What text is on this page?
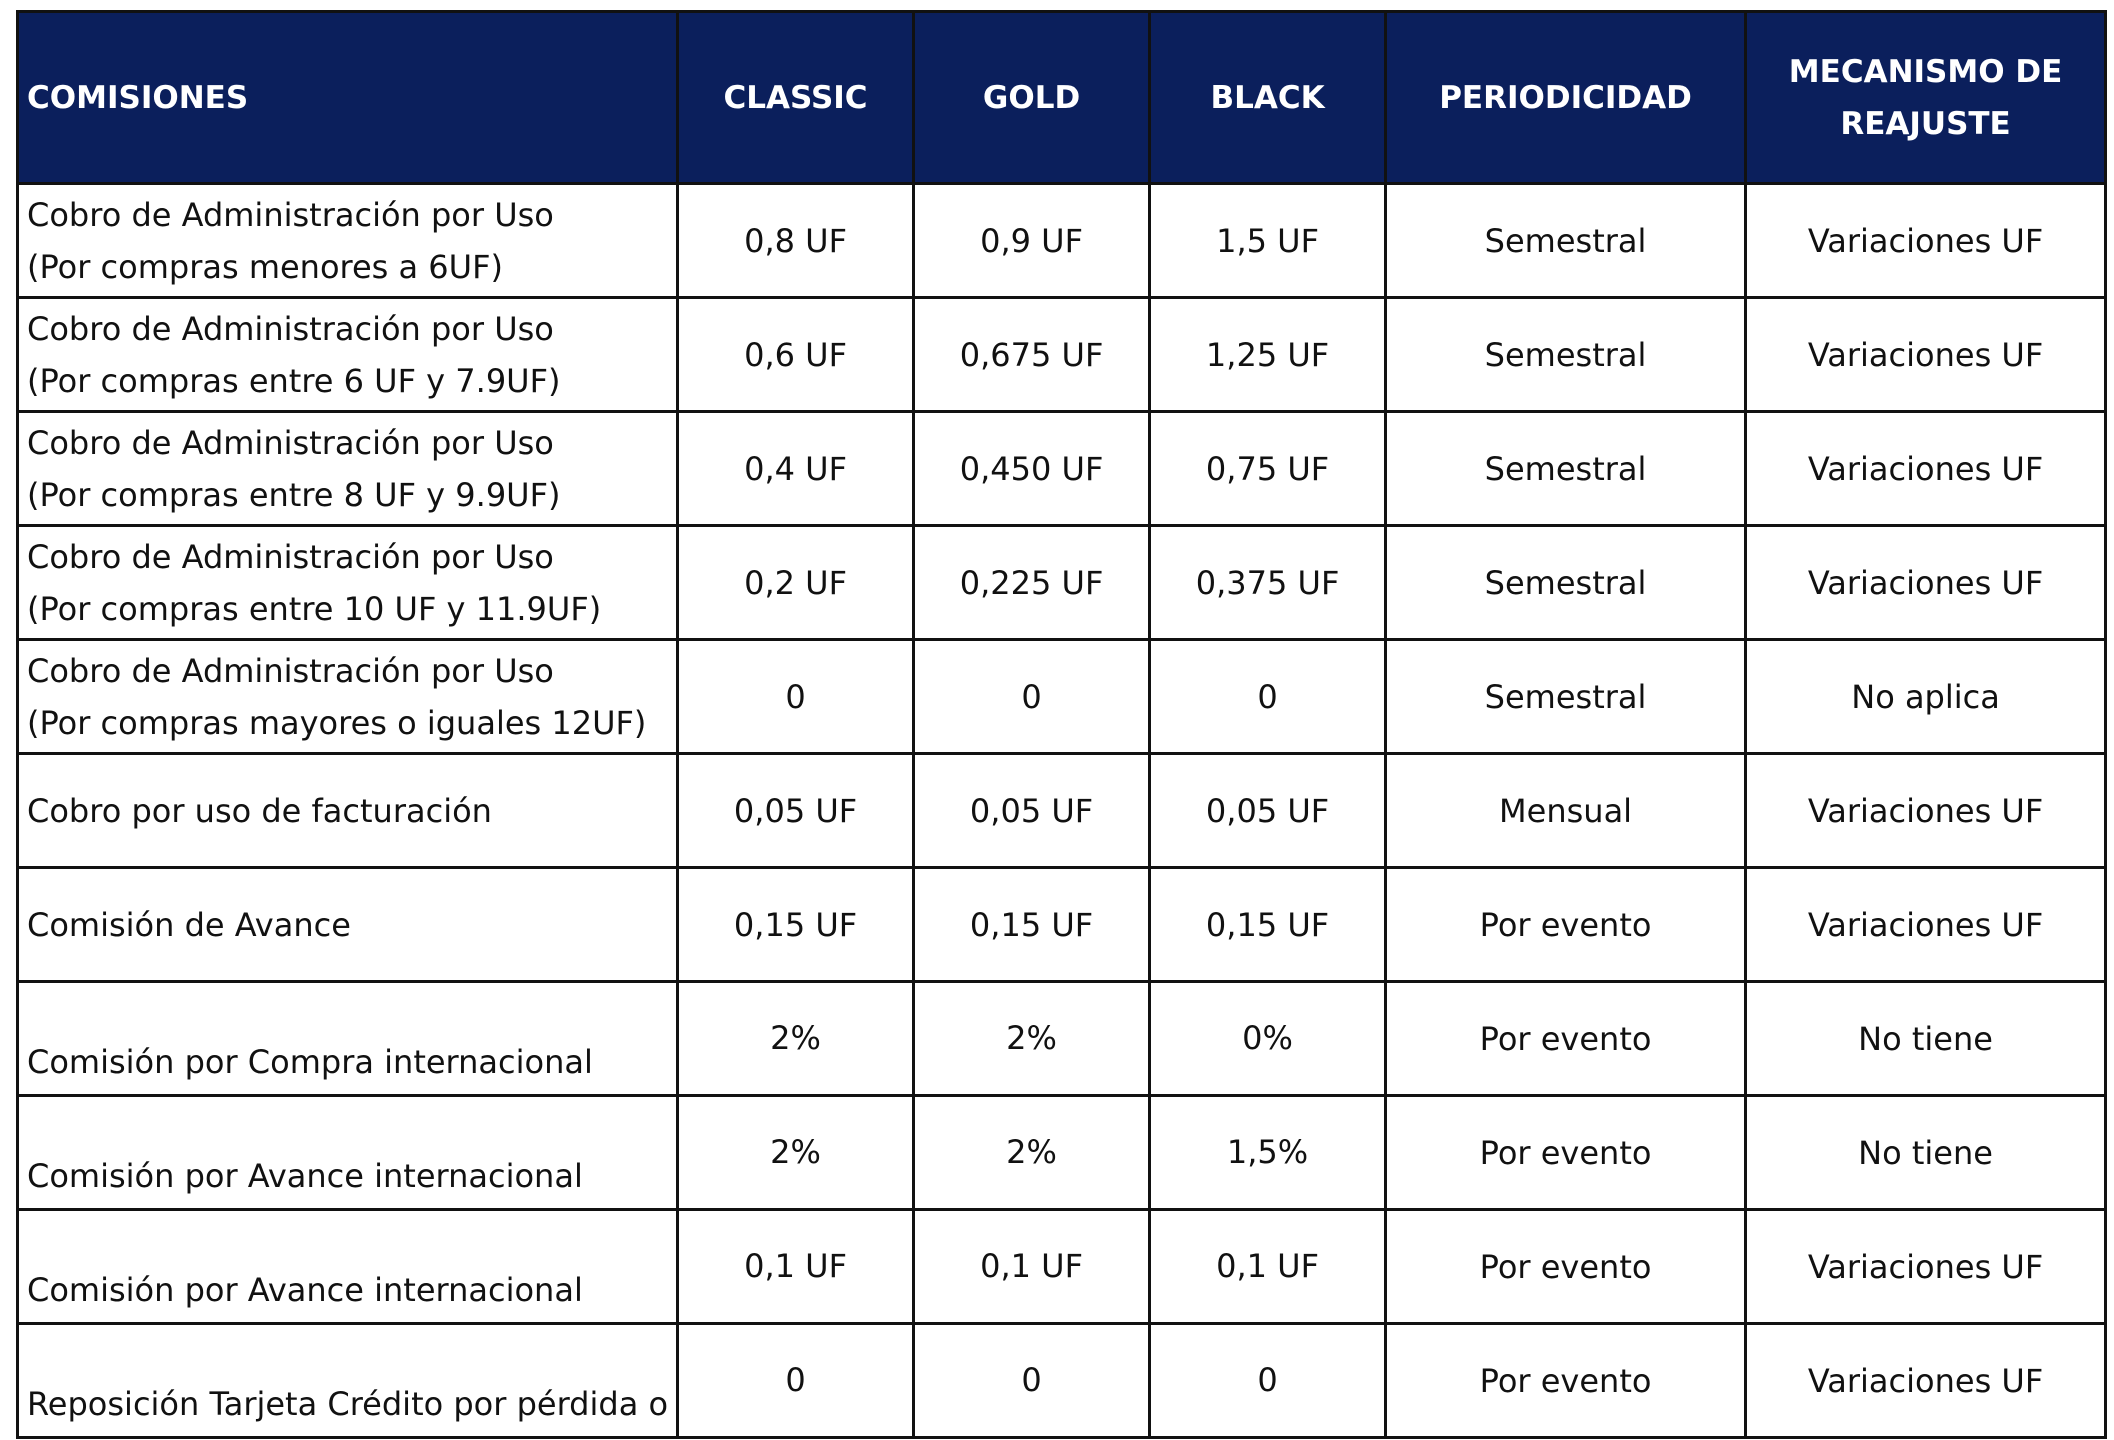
COMISIONES	CLASSIC	GOLD	BLACK	PERIODICIDAD	MECANISMO DE REAJUSTE

Cobro de Administración por Uso
(Por compras menores a 6UF)	0,8 UF	0,9 UF	1,5 UF	Semestral	Variaciones UF

Cobro de Administración por Uso
(Por compras entre 6 UF y 7.9UF)	0,6 UF	0,675 UF	1,25 UF	Semestral	Variaciones UF

Cobro de Administración por Uso
(Por compras entre 8 UF y 9.9UF)	0,4 UF	0,450 UF	0,75 UF	Semestral	Variaciones UF

Cobro de Administración por Uso
(Por compras entre 10 UF y 11.9UF)	0,2 UF	0,225 UF	0,375 UF	Semestral	Variaciones UF

Cobro de Administración por Uso
(Por compras mayores o iguales 12UF)	0	0	0	Semestral	No aplica

Cobro por uso de facturación	0,05 UF	0,05 UF	0,05 UF	Mensual	Variaciones UF

Comisión de Avance	0,15 UF	0,15 UF	0,15 UF	Por evento	Variaciones UF

Comisión por Compra internacional	2%	2%	0%	Por evento	No tiene

Comisión por Avance internacional	2%	2%	1,5%	Por evento	No tiene

Comisión por Avance internacional	0,1 UF	0,1 UF	0,1 UF	Por evento	Variaciones UF

Reposición Tarjeta Crédito por pérdida o	0	0	0	Por evento	Variaciones UF
